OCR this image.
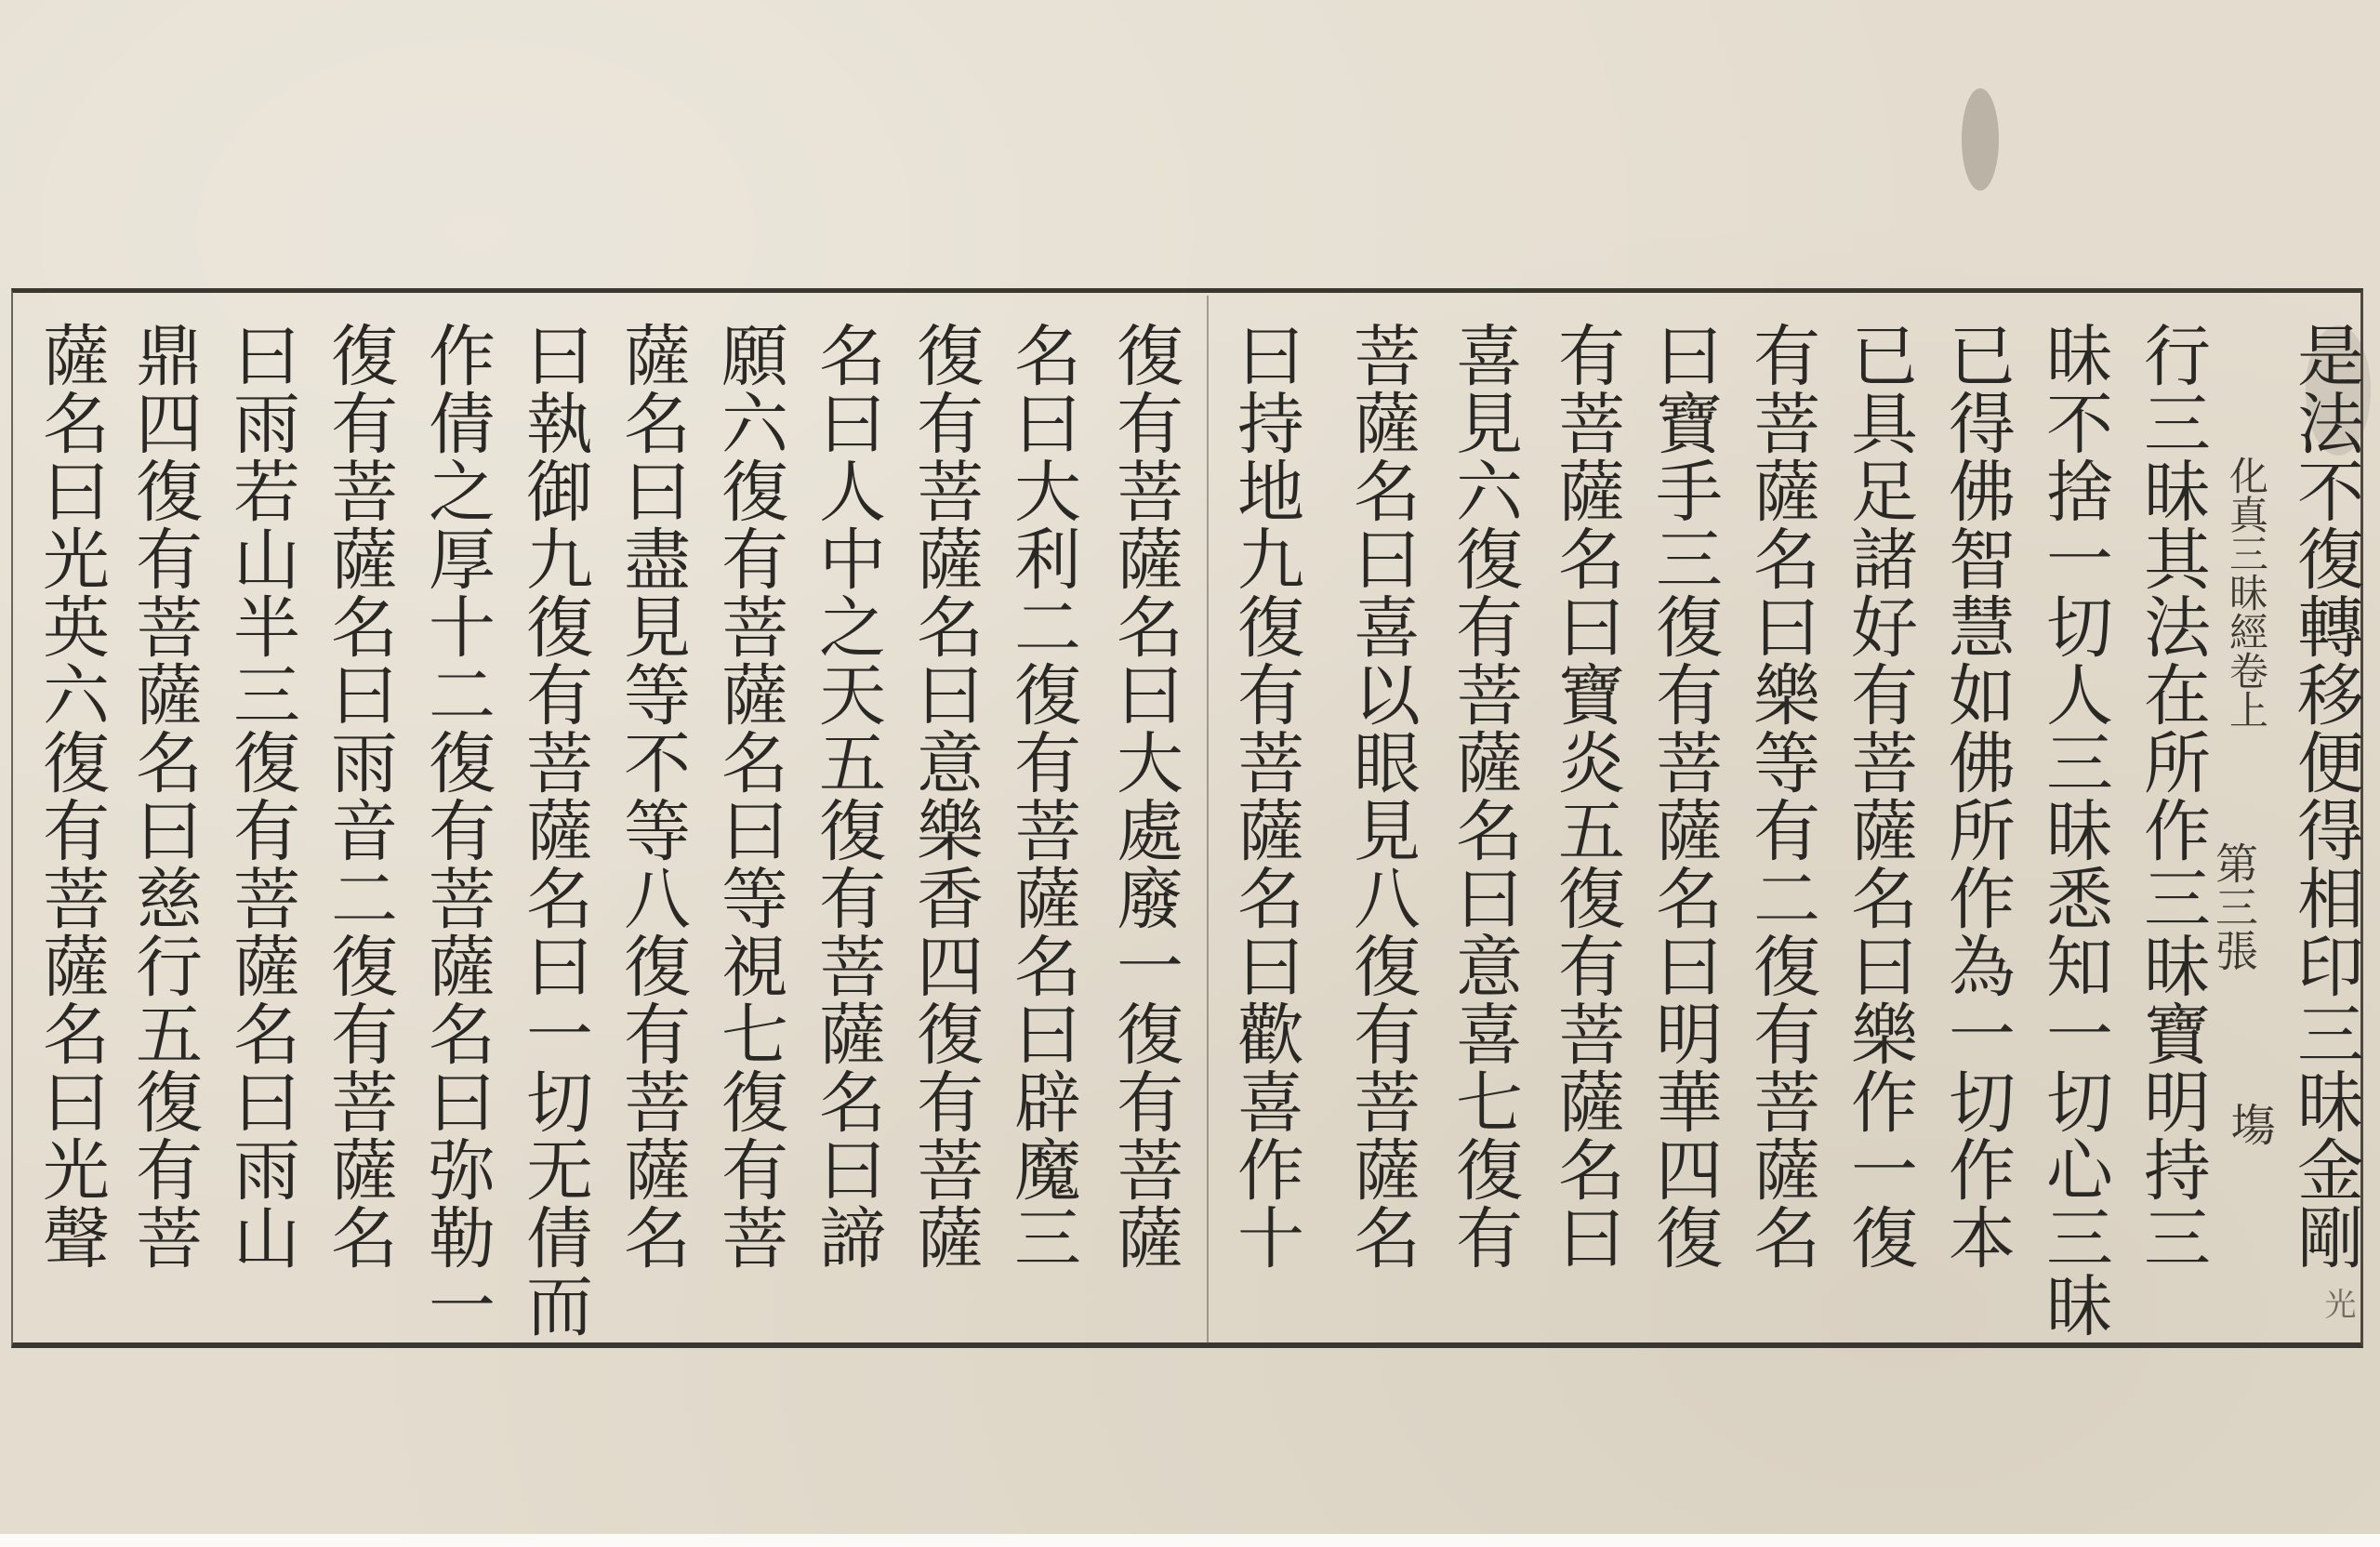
化真三昧經卷上
第三張
塲
光
是法不復轉移便得相印三昧金剛
行三昧其法在所作三昧寶明持三
昧不捨一切人三昧悉知一切心三昧
已得佛智慧如佛所作為一切作本
已具足諸好有菩薩名曰樂作一復
有菩薩名曰樂等有二復有菩薩名
曰寶手三復有菩薩名曰明華四復
有菩薩名曰寶炎五復有菩薩名曰
喜見六復有菩薩名曰意喜七復有
菩薩名曰喜以眼見八復有菩薩名
曰持地九復有菩薩名曰歡喜作十
復有菩薩名曰大處廢一復有菩薩
名曰大利二復有菩薩名曰辟魔三
復有菩薩名曰意樂香四復有菩薩
名曰人中之天五復有菩薩名曰諦
願六復有菩薩名曰等視七復有菩
薩名曰盡見等不等八復有菩薩名
曰執御九復有菩薩名曰一切无倩而
作倩之厚十二復有菩薩名曰弥勒一
復有菩薩名曰雨音二復有菩薩名
曰雨若山半三復有菩薩名曰雨山
鼎四復有菩薩名曰慈行五復有菩
薩名曰光英六復有菩薩名曰光聲
